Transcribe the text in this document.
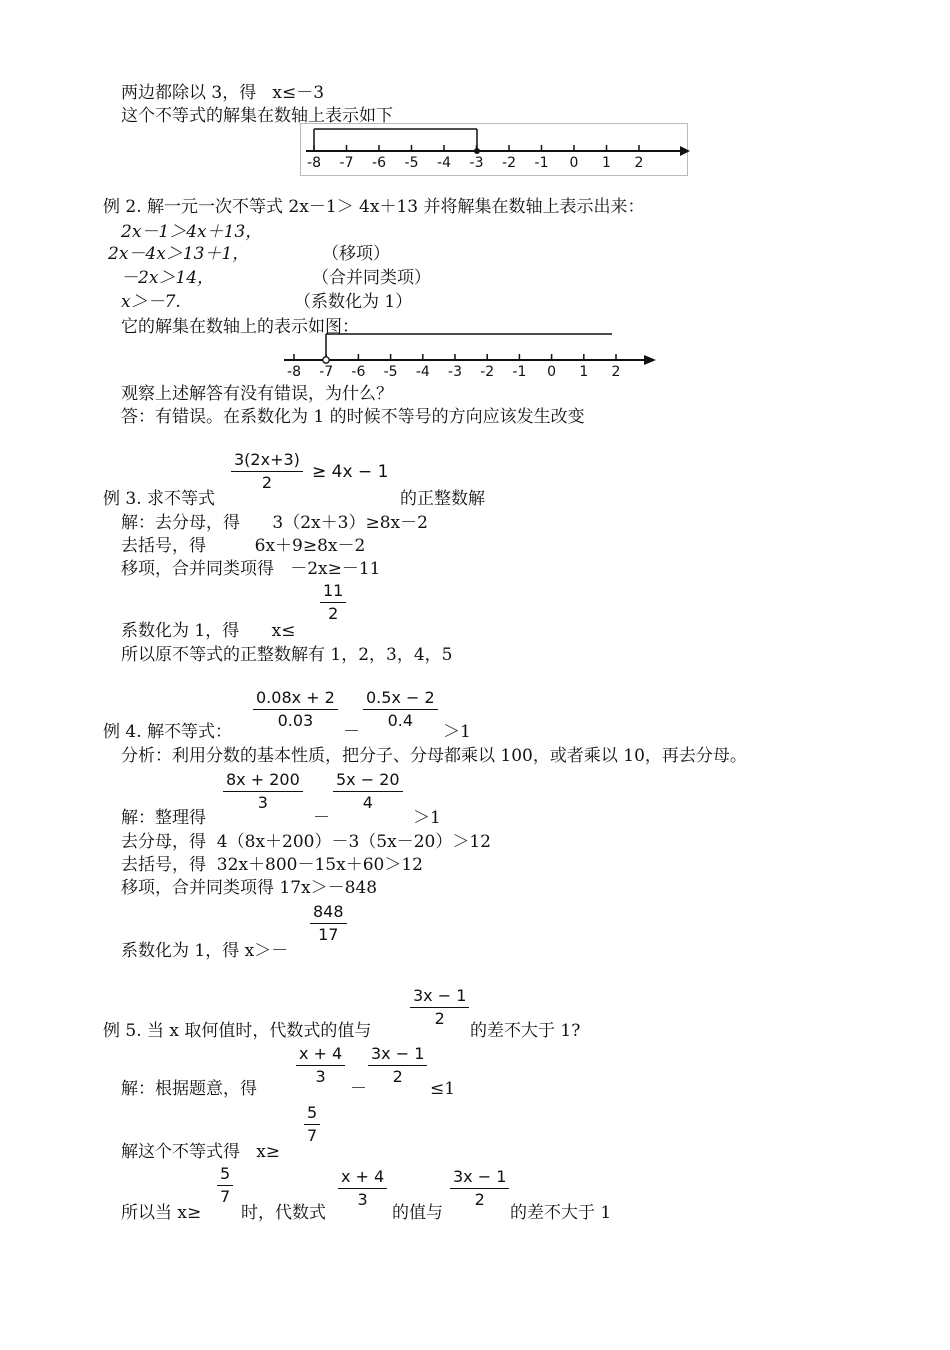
两边都除以 3，得   x≤－3
这个不等式的解集在数轴上表示如下
-8 -7 -6 -5 -4 -3 -2 -1 0 1 2
例 2. 解一元一次不等式 2x－1＞ 4x＋13 并将解集在数轴上表示出来：
2x－1＞4x＋13，
2x－4x＞13＋1，	（移项）
－2x＞14，	（合并同类项）
x＞－7.	（系数化为 1）
它的解集在数轴上的表示如图：
-8 -7 -6 -5 -4 -3 -2 -1 0 1 2
观察上述解答有没有错误，为什么？
答：有错误。在系数化为 1 的时候不等号的方向应该发生改变
3(2x+3)
2
≥ 4x − 1
例 3. 求不等式	的正整数解
解：去分母，得      3（2x＋3）≥8x－2
去括号，得         6x＋9≥8x－2
移项，合并同类项得   －2x≥－11
11
2
系数化为 1，得      x≤
所以原不等式的正整数解有 1，2，3，4，5
0.08x + 2
0.03
－
0.5x − 2
0.4
＞1
例 4. 解不等式：
分析：利用分数的基本性质，把分子、分母都乘以 100，或者乘以 10，再去分母。
8x + 200
3
－
5x − 20
4
＞1
解：整理得
去分母，得  4（8x＋200）－3（5x－20）＞12
去括号，得  32x＋800－15x＋60＞12
移项，合并同类项得 17x＞－848
848
17
系数化为 1，得 x＞－
3x − 1
2
例 5. 当 x 取何值时，代数式的值与	的差不大于 1?
x + 4
3
－
3x − 1
2
≤1
解：根据题意，得
5
7
解这个不等式得   x≥
5
7
所以当 x≥ 时，代数式
x + 4
3
的值与
3x − 1
2
的差不大于 1
